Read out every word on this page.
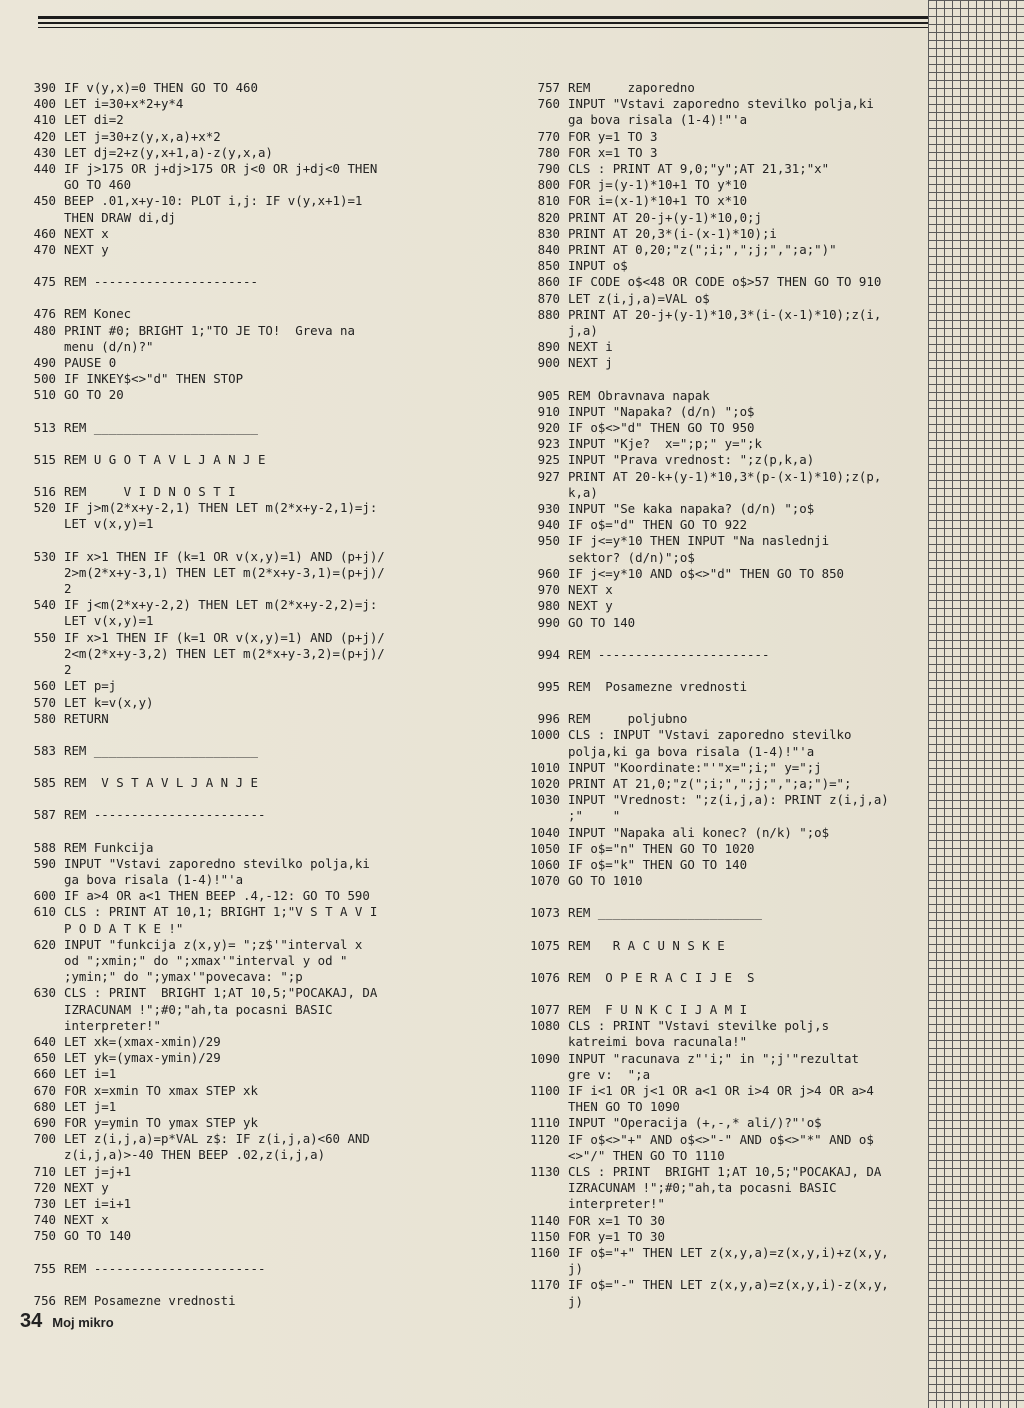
390 IF v(y,x)=0 THEN GO TO 460
400 LET i=30+x*2+y*4
410 LET di=2
420 LET j=30+z(y,x,a)+x*2
430 LET dj=2+z(y,x+1,a)-z(y,x,a)
440 IF j>175 OR j+dj>175 OR j<0 OR j+dj<0 THEN
GO TO 460
450 BEEP .01,x+y-10: PLOT i,j: IF v(y,x+1)=1
THEN DRAW di,dj
460 NEXT x
470 NEXT y
475 REM ----------------------
476 REM Konec
480 PRINT #0; BRIGHT 1;"TO JE TO!  Greva na
menu (d/n)?"
490 PAUSE 0
500 IF INKEY$<>"d" THEN STOP
510 GO TO 20
513 REM ______________________
515 REM U G O T A V L J A N J E
516 REM     V I D N O S T I
520 IF j>m(2*x+y-2,1) THEN LET m(2*x+y-2,1)=j:
LET v(x,y)=1
530 IF x>1 THEN IF (k=1 OR v(x,y)=1) AND (p+j)/
2>m(2*x+y-3,1) THEN LET m(2*x+y-3,1)=(p+j)/
2
540 IF j<m(2*x+y-2,2) THEN LET m(2*x+y-2,2)=j:
LET v(x,y)=1
550 IF x>1 THEN IF (k=1 OR v(x,y)=1) AND (p+j)/
2<m(2*x+y-3,2) THEN LET m(2*x+y-3,2)=(p+j)/
2
560 LET p=j
570 LET k=v(x,y)
580 RETURN
583 REM ______________________
585 REM  V S T A V L J A N J E
587 REM -----------------------
588 REM Funkcija
590 INPUT "Vstavi zaporedno stevilko polja,ki
ga bova risala (1-4)!"'a
600 IF a>4 OR a<1 THEN BEEP .4,-12: GO TO 590
610 CLS : PRINT AT 10,1; BRIGHT 1;"V S T A V I
P O D A T K E !"
620 INPUT "funkcija z(x,y)= ";z$'"interval x
od ";xmin;" do ";xmax'"interval y od "
;ymin;" do ";ymax'"povecava: ";p
630 CLS : PRINT  BRIGHT 1;AT 10,5;"POCAKAJ, DA
IZRACUNAM !";#0;"ah,ta pocasni BASIC
interpreter!"
640 LET xk=(xmax-xmin)/29
650 LET yk=(ymax-ymin)/29
660 LET i=1
670 FOR x=xmin TO xmax STEP xk
680 LET j=1
690 FOR y=ymin TO ymax STEP yk
700 LET z(i,j,a)=p*VAL z$: IF z(i,j,a)<60 AND
z(i,j,a)>-40 THEN BEEP .02,z(i,j,a)
710 LET j=j+1
720 NEXT y
730 LET i=i+1
740 NEXT x
750 GO TO 140
755 REM -----------------------
756 REM Posamezne vrednosti
757 REM     zaporedno
760 INPUT "Vstavi zaporedno stevilko polja,ki
ga bova risala (1-4)!"'a
770 FOR y=1 TO 3
780 FOR x=1 TO 3
790 CLS : PRINT AT 9,0;"y";AT 21,31;"x"
800 FOR j=(y-1)*10+1 TO y*10
810 FOR i=(x-1)*10+1 TO x*10
820 PRINT AT 20-j+(y-1)*10,0;j
830 PRINT AT 20,3*(i-(x-1)*10);i
840 PRINT AT 0,20;"z(";i;",";j;",";a;")"
850 INPUT o$
860 IF CODE o$<48 OR CODE o$>57 THEN GO TO 910
870 LET z(i,j,a)=VAL o$
880 PRINT AT 20-j+(y-1)*10,3*(i-(x-1)*10);z(i,
j,a)
890 NEXT i
900 NEXT j
905 REM Obravnava napak
910 INPUT "Napaka? (d/n) ";o$
920 IF o$<>"d" THEN GO TO 950
923 INPUT "Kje?  x=";p;" y=";k
925 INPUT "Prava vrednost: ";z(p,k,a)
927 PRINT AT 20-k+(y-1)*10,3*(p-(x-1)*10);z(p,
k,a)
930 INPUT "Se kaka napaka? (d/n) ";o$
940 IF o$="d" THEN GO TO 922
950 IF j<=y*10 THEN INPUT "Na naslednji
sektor? (d/n)";o$
960 IF j<=y*10 AND o$<>"d" THEN GO TO 850
970 NEXT x
980 NEXT y
990 GO TO 140
994 REM -----------------------
995 REM  Posamezne vrednosti
996 REM     poljubno
1000 CLS : INPUT "Vstavi zaporedno stevilko
polja,ki ga bova risala (1-4)!"'a
1010 INPUT "Koordinate:"'"x=";i;" y=";j
1020 PRINT AT 21,0;"z(";i;",";j;",";a;")=";
1030 INPUT "Vrednost: ";z(i,j,a): PRINT z(i,j,a)
;"    "
1040 INPUT "Napaka ali konec? (n/k) ";o$
1050 IF o$="n" THEN GO TO 1020
1060 IF o$="k" THEN GO TO 140
1070 GO TO 1010
1073 REM ______________________
1075 REM   R A C U N S K E
1076 REM  O P E R A C I J E  S
1077 REM  F U N K C I J A M I
1080 CLS : PRINT "Vstavi stevilke polj,s
katreimi bova racunala!"
1090 INPUT "racunava z"'i;" in ";j'"rezultat
gre v:  ";a
1100 IF i<1 OR j<1 OR a<1 OR i>4 OR j>4 OR a>4
THEN GO TO 1090
1110 INPUT "Operacija (+,-,* ali/)?"'o$
1120 IF o$<>"+" AND o$<>"-" AND o$<>"*" AND o$
<>"/" THEN GO TO 1110
1130 CLS : PRINT  BRIGHT 1;AT 10,5;"POCAKAJ, DA
IZRACUNAM !";#0;"ah,ta pocasni BASIC
interpreter!"
1140 FOR x=1 TO 30
1150 FOR y=1 TO 30
1160 IF o$="+" THEN LET z(x,y,a)=z(x,y,i)+z(x,y,
j)
1170 IF o$="-" THEN LET z(x,y,a)=z(x,y,i)-z(x,y,
j)
34 Moj mikro
